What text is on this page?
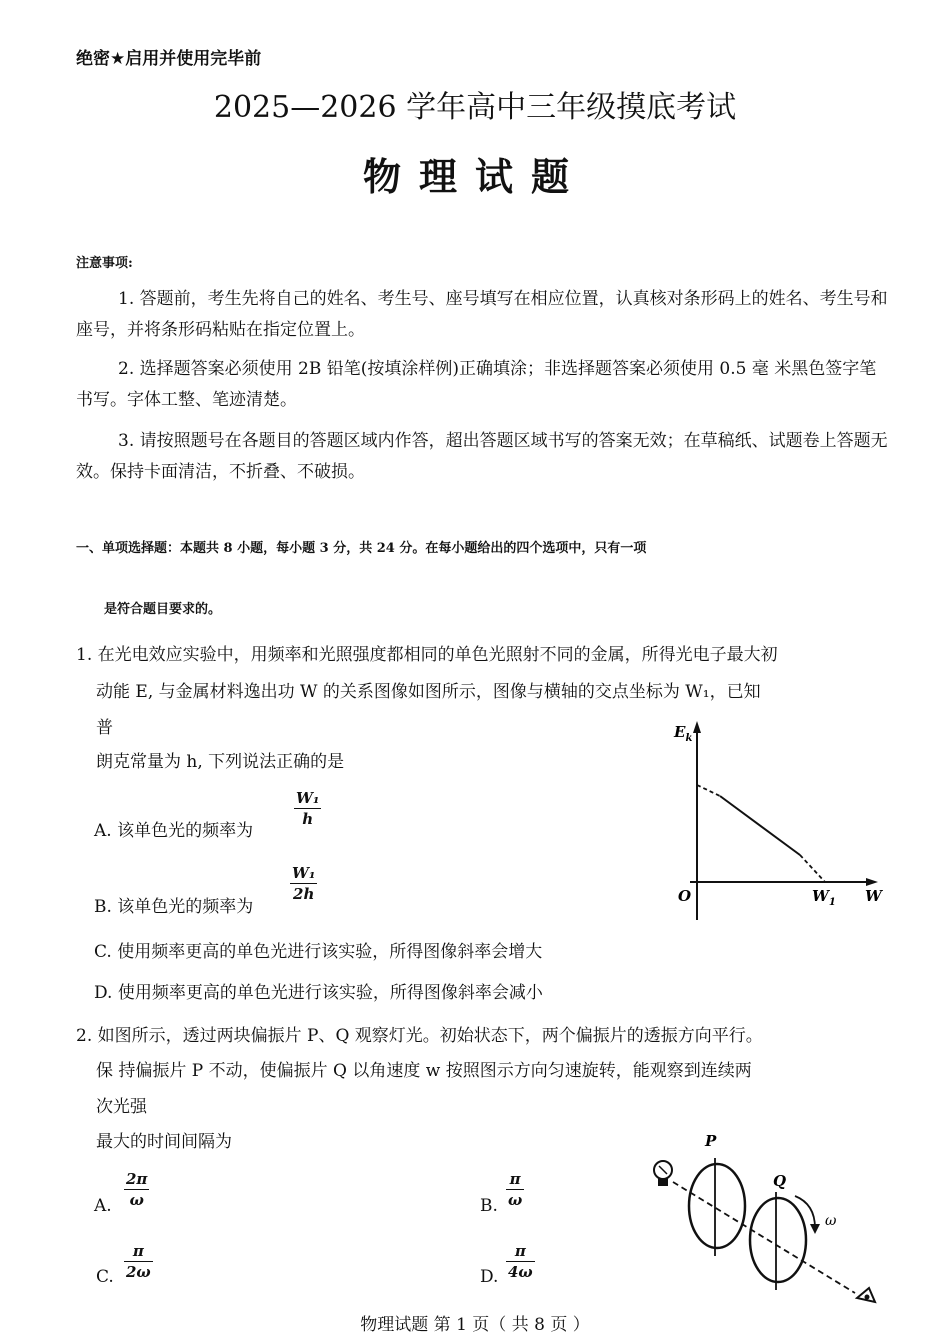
绝密★启用并使用完毕前
2025—2026 学年高中三年级摸底考试
物理试题
注意事项:
1. 答题前，考生先将自己的姓名、考生号、座号填写在相应位置，认真核对条形码上的姓名、考生号和座号，并将条形码粘贴在指定位置上。
2. 选择题答案必须使用 2B 铅笔(按填涂样例)正确填涂；非选择题答案必须使用 0.5 毫 米黑色签字笔书写。字体工整、笔迹清楚。
3. 请按照题号在各题目的答题区域内作答，超出答题区域书写的答案无效；在草稿纸、试题卷上答题无效。保持卡面清洁，不折叠、不破损。
一、单项选择题：本题共 8 小题，每小题 3 分，共 24 分。在每小题给出的四个选项中，只有一项
是符合题目要求的。
1. 在光电效应实验中，用频率和光照强度都相同的单色光照射不同的金属，所得光电子最大初
动能 E, 与金属材料逸出功 W 的关系图像如图所示，图像与横轴的交点坐标为 W₁，已知
普
朗克常量为 h, 下列说法正确的是
A. 该单色光的频率为
W₁
h
B. 该单色光的频率为
W₁
2h
C. 使用频率更高的单色光进行该实验，所得图像斜率会增大
D. 使用频率更高的单色光进行该实验，所得图像斜率会减小
$E_k$
O	$W_1$ W
2. 如图所示，透过两块偏振片 P、Q 观察灯光。初始状态下，两个偏振片的透振方向平行。
保 持偏振片 P 不动，使偏振片 Q 以角速度 w 按照图示方向匀速旋转，能观察到连续两
次光强
最大的时间间隔为
A.
2π
ω	B.
π
ω
C.
π
2ω	D.
π
4ω
P
Q
ω
物理试题 第 1 页（ 共 8 页 ）
